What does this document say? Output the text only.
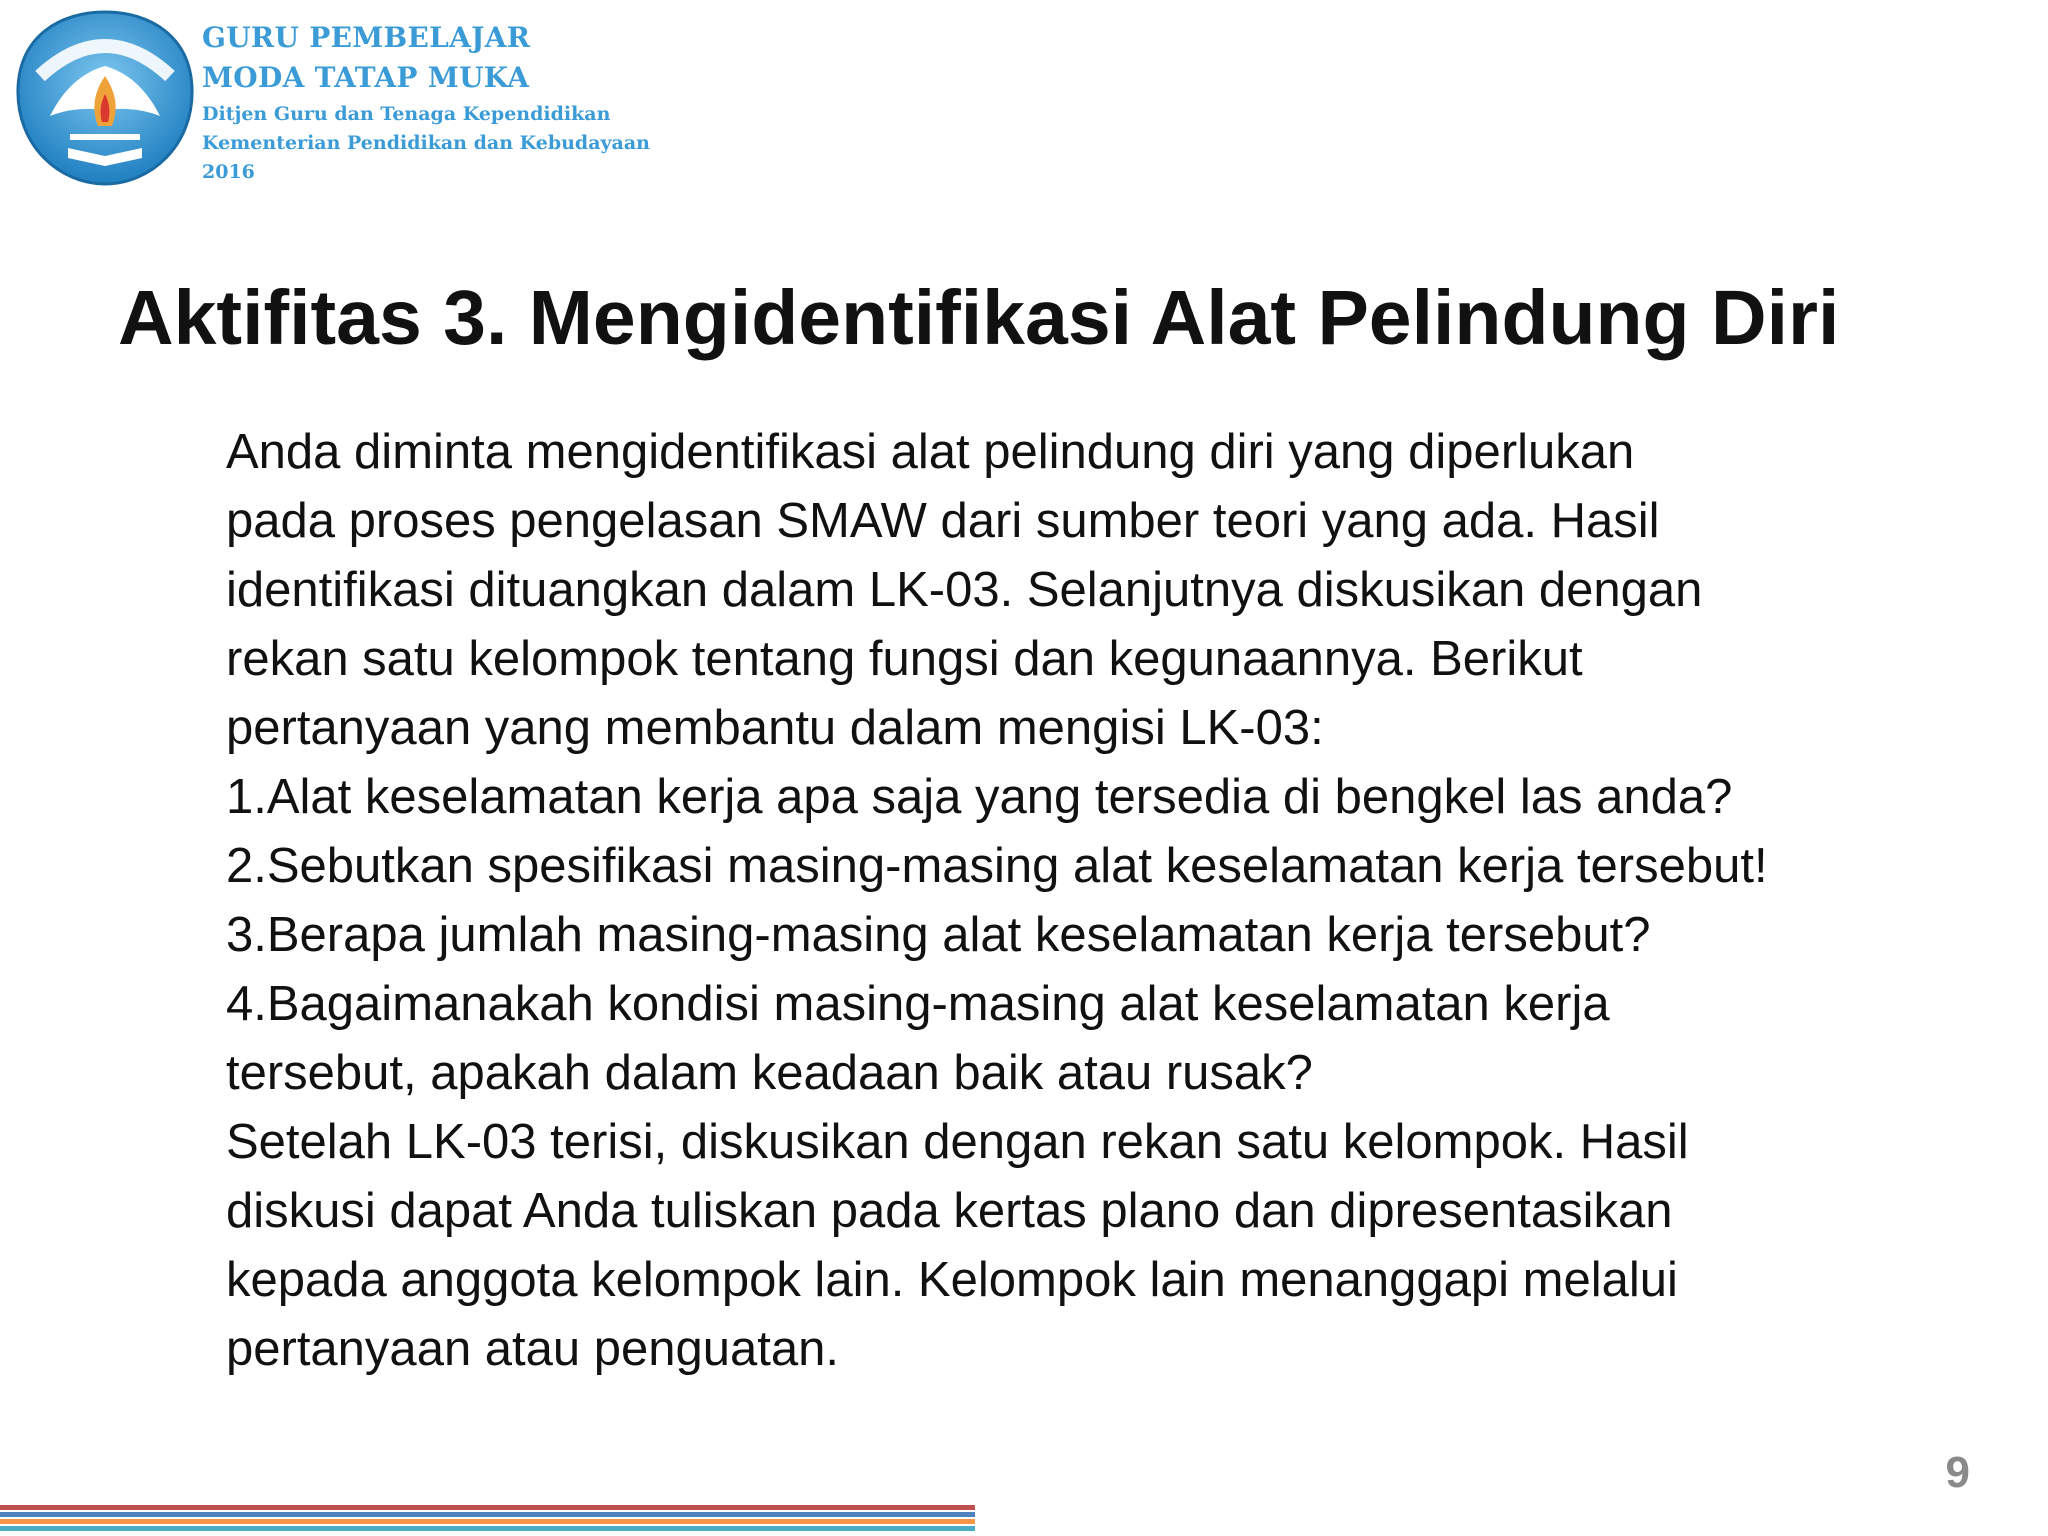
GURU PEMBELAJAR
MODA TATAP MUKA
Ditjen Guru dan Tenaga Kependidikan
Kementerian Pendidikan dan Kebudayaan
2016
Aktifitas 3. Mengidentifikasi Alat Pelindung Diri
Anda diminta mengidentifikasi alat pelindung diri yang diperlukan
pada proses pengelasan SMAW dari sumber teori yang ada. Hasil
identifikasi dituangkan dalam LK-03. Selanjutnya diskusikan dengan
rekan satu kelompok tentang fungsi dan kegunaannya. Berikut
pertanyaan yang membantu dalam mengisi LK-03:
1.Alat keselamatan kerja apa saja yang tersedia di bengkel las anda?
2.Sebutkan spesifikasi masing-masing alat keselamatan kerja tersebut!
3.Berapa jumlah masing-masing alat keselamatan kerja tersebut?
4.Bagaimanakah kondisi masing-masing alat keselamatan kerja
tersebut, apakah dalam keadaan baik atau rusak?
Setelah LK-03 terisi, diskusikan dengan rekan satu kelompok. Hasil
diskusi dapat Anda tuliskan pada kertas plano dan dipresentasikan
kepada anggota kelompok lain. Kelompok lain menanggapi melalui
pertanyaan atau penguatan.
9
